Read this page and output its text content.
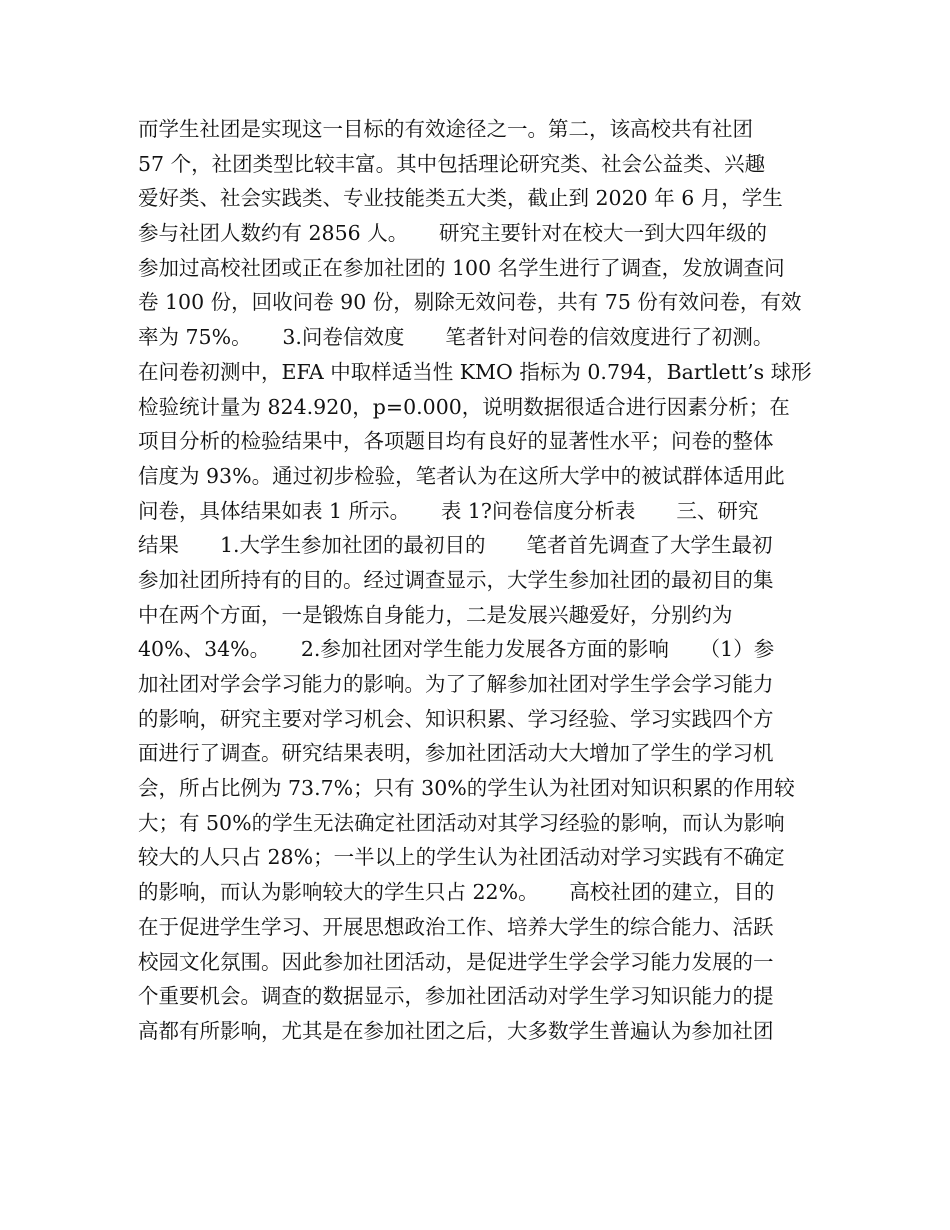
而学生社团是实现这一目标的有效途径之一。第二，该高校共有社团
57 个，社团类型比较丰富。其中包括理论研究类、社会公益类、兴趣
爱好类、社会实践类、专业技能类五大类，截止到 2020 年 6 月，学生
参与社团人数约有 2856 人。　　研究主要针对在校大一到大四年级的
参加过高校社团或正在参加社团的 100 名学生进行了调查，发放调查问
卷 100 份，回收问卷 90 份，剔除无效问卷，共有 75 份有效问卷，有效
率为 75%。　　3.问卷信效度　　笔者针对问卷的信效度进行了初测。
在问卷初测中，EFA 中取样适当性 KMO 指标为 0.794，Bartlett’s 球形
检验统计量为 824.920，p=0.000，说明数据很适合进行因素分析；在
项目分析的检验结果中，各项题目均有良好的显著性水平；问卷的整体
信度为 93%。通过初步检验，笔者认为在这所大学中的被试群体适用此
问卷，具体结果如表 1 所示。　　表 1?问卷信度分析表　　三、研究
结果　　1.大学生参加社团的最初目的　　笔者首先调查了大学生最初
参加社团所持有的目的。经过调查显示，大学生参加社团的最初目的集
中在两个方面，一是锻炼自身能力，二是发展兴趣爱好，分别约为
40%、34%。　　2.参加社团对学生能力发展各方面的影响　　（1）参
加社团对学会学习能力的影响。为了了解参加社团对学生学会学习能力
的影响，研究主要对学习机会、知识积累、学习经验、学习实践四个方
面进行了调查。研究结果表明，参加社团活动大大增加了学生的学习机
会，所占比例为 73.7%；只有 30%的学生认为社团对知识积累的作用较
大；有 50%的学生无法确定社团活动对其学习经验的影响，而认为影响
较大的人只占 28%；一半以上的学生认为社团活动对学习实践有不确定
的影响，而认为影响较大的学生只占 22%。　　高校社团的建立，目的
在于促进学生学习、开展思想政治工作、培养大学生的综合能力、活跃
校园文化氛围。因此参加社团活动，是促进学生学会学习能力发展的一
个重要机会。调查的数据显示，参加社团活动对学生学习知识能力的提
高都有所影响，尤其是在参加社团之后，大多数学生普遍认为参加社团
